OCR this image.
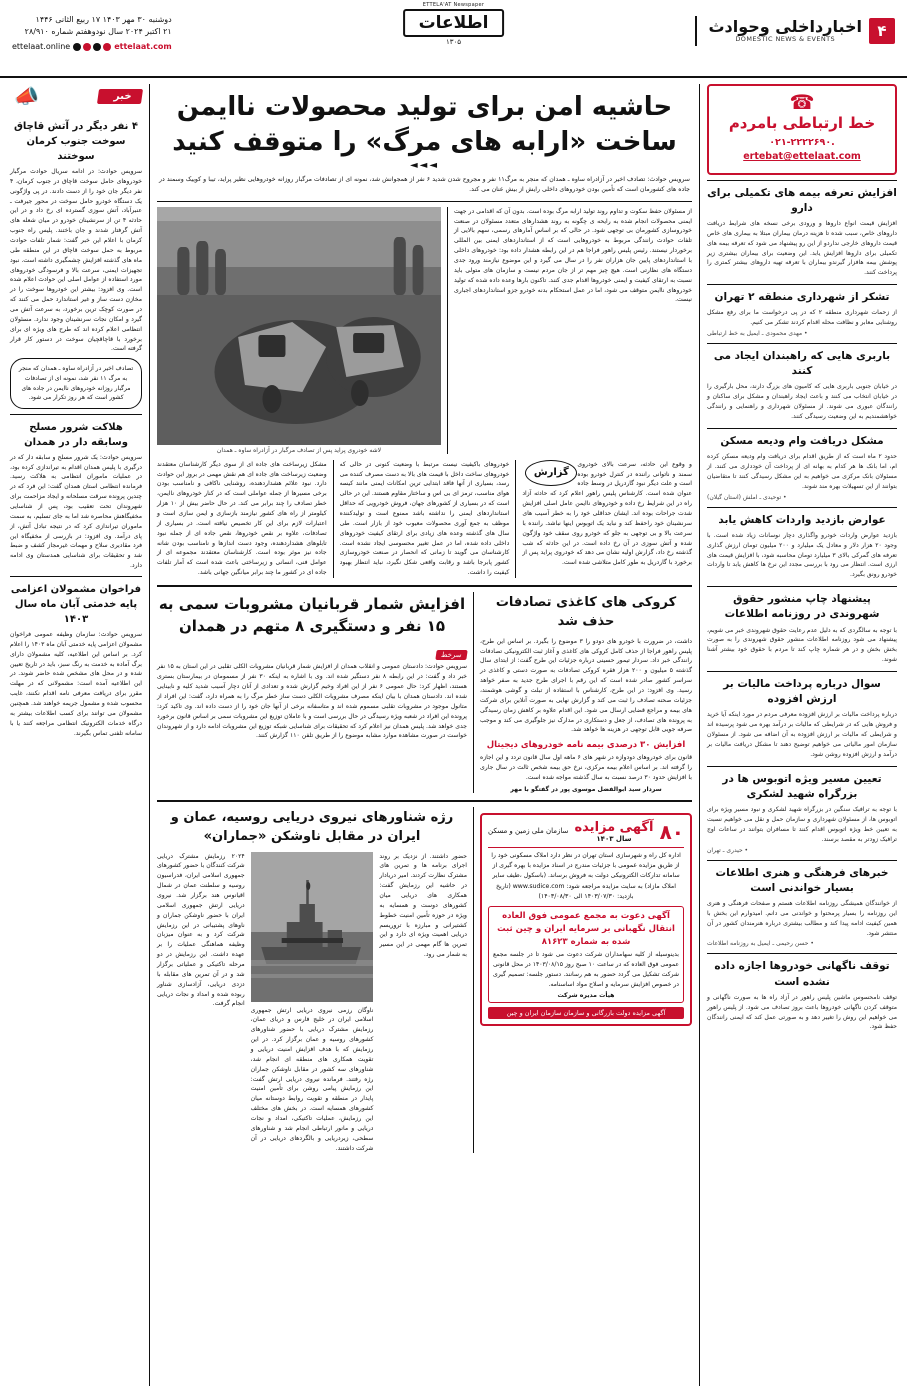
۴
اخبارداخلی وحوادث
DOMESTIC NEWS & EVENTS
ETTELA'AT Newspaper
اطلاعات
۱۳۰۵
دوشنبه ۳۰ مهر ۱۴۰۳ ۱۷ ربیع الثانی ۱۴۴۶
۲۱ اکتبر ۲۰۲۴ سال نودوهفتم شماره ۲۸/۹۱۰
ettelaat.com
ettelaat.online
☎
خط ارتباطی بامردم
۰۲۱-۲۲۲۲۶۹۰.
ertebat@ettelaat.com
افزایش تعرفه بیمه های تکمیلی برای دارو
افزایش قیمت انواع داروها و ورودی برخی نسخه های شرایط دریافت داروهای خاص، سبب شده تا هزینه درمان بیماران مبتلا به بیماری های خاص قیمت داروهای خارجی نداردو از این رو پیشنهاد می شود که تعرفه بیمه های تکمیلی برای داروها افزایش یابد. این وضعیت برای بیماران بیشتری زیر پوشش بیمه هافزار گیرندو بیماران با تعرفه تهیه داروهای بیشتر کمتری را پرداخت کنند.
تشکر از شهرداری منطقه ۲ تهران
از زحمات شهرداری منطقه ۲ که در پی درخواست ما برای رفع مشکل روشنایی معابر و نظافت محله اقدام کردند تشکر می کنیم.
• مهدی محمودی ـ ایمیل به خط ارتباطی
باربری هایی که راهبندان ایجاد می کنند
در خیابان جنوبی باربری هایی که کامیون های بزرگ دارند، محل بارگیری را در خیابان انتخاب می کنند و باعث ایجاد راهبندان و مشکل برای ساکنان و رانندگان عبوری می شوند. از مسئولان شهرداری و راهنمایی و رانندگی خواهشمندیم به این وضعیت رسیدگی کنند.
مشکل دریافت وام ودیعه مسکن
حدود ۲ ماه است که از طریق اقدام برای دریافت وام ودیعه مسکن کرده ام، اما بانک ها هر کدام به بهانه ای از پرداخت آن خودداری می کنند. از مسئولان بانک مرکزی می خواهیم به این مشکل رسیدگی کنند تا متقاضیان بتوانند از این تسهیلات بهره مند شوند.
• توحیدی ـ املش (استان گیلان)
عوارض بازدید واردات کاهش یابد
بازدید عوارض واردات خودرو واگذاری دچار نوسانات زیاد شده است. با وجود ۲۰ هزار دلار و معادل یک میلیارد و ۲۰۰ میلیون تومان ارزش گذاری تعرفه های گمرکی بالای ۳ میلیارد تومان محاسبه شود، با افزایش قیمت های ارزی است. انتظار می رود با بررسی مجدد این نرخ ها کاهش یابد تا واردات خودرو رونق بگیرد.
پیشنهاد چاپ منشور حقوق شهروندی در روزنامه اطلاعات
با توجه به سالگردی که به دلیل عدم رعایت حقوق شهروندی خبر می شویم، پیشنهاد می شود روزنامه اطلاعات منشور حقوق شهروندی را به صورت بخش بخش و در هر شماره چاپ کند تا مردم با حقوق خود بیشتر آشنا شوند.
سوال درباره پرداخت مالیات بر ارزش افزوده
درباره پرداخت مالیات بر ارزش افزوده معرفی مردم در مورد اینکه آیا خرید و فروش هایی که در شرایطی که مالیات بر درآمد بهره می شود پرسیده اند و شرایطی که مالیات بر ارزش افزوده به آن اضافه می شود. از مسئولان سازمان امور مالیاتی می خواهیم توضیح دهند تا مشکل دریافت مالیات بر درآمد و ارزش افزوده روشن شود.
تعیین مسیر ویژه اتوبوس ها در بزرگراه شهید لشکری
با توجه به ترافیک سنگین در بزرگراه شهید لشکری و نبود مسیر ویژه برای اتوبوس ها، از مسئولان شهرداری و سازمان حمل و نقل می خواهیم نسبت به تعیین خط ویژه اتوبوس اقدام کنند تا مسافران بتوانند در ساعات اوج ترافیک زودتر به مقصد برسند.
• حیدری ـ تهران
خبرهای فرهنگی و هنری اطلاعات بسیار خواندنی است
از خوانندگان همیشگی روزنامه اطلاعات هستم و صفحات فرهنگی و هنری این روزنامه را بسیار پرمحتوا و خواندنی می دانم. امیدوارم این بخش با همین کیفیت ادامه پیدا کند و مطالب بیشتری درباره هنرمندان کشور در آن منتشر شود.
• حسن رحیمی ـ ایمیل به روزنامه اطلاعات
توقف ناگهانی خودروها اجازه داده نشده است
توقف نامحسوس ماشین پلیس راهور در آزاد راه ها به صورت ناگهانی و متوقف کردن ناگهانی خودروها باعث بروز تصادف می شود. از پلیس راهور می خواهیم این روش را تغییر دهد و به صورتی عمل کند که ایمنی رانندگان حفظ شود.
حاشیه امن برای تولید محصولات ناایمن
ساخت «ارابه های مرگ» را متوقف کنید
◄◄◄
سرویس حوادث: تصادف اخیر در آزادراه ساوه ـ همدان که منجر به مرگ۱۱ نفر و مجروح شدن شدید ۶ نفر از همجوانش شد، نمونه ای از تصادفات مرگبار روزانه خودروهایی نظیر پراید، تیبا و کوییک وسمند در جاده های کشورمان است که تأمین بودن خودروهای داخلی رایش از بیش عنان می کند.
از مسئولان حفظ سکوت و تداوم روند تولید ارابه مرگ بوده است. بدون آن که اقدامی در جهت ایمنی محصولات انجام شده به رایحه ی چگونه به روند هشدارهای متعدد مسئولان در صنعت خودروسازی کشورمان بی توجهی شود. در حالی که بر اساس آمارهای رسمی، سهم بالایی از تلفات حوادث رانندگی مربوط به خودروهایی است که از استانداردهای ایمنی بین المللی برخوردار نیستند. رئیس پلیس راهور فراجا هم در این رابطه هشدار داده بود: خودروهای داخلی با استانداردهای پایین جان هزاران نفر را در سال می گیرد و این موضوع نیازمند ورود جدی دستگاه های نظارتی است. هیچ چیز مهم تر از جان مردم نیست و سازمان های متولی باید نسبت به ارتقای کیفیت و ایمنی خودروها اقدام جدی کنند. تاکنون بارها وعده داده شده که تولید خودروهای ناایمن متوقف می شود، اما در عمل استحکام بدنه خودرو جزو استانداردهای اجباری نیست.
لاشه خودروی پراید پس از تصادف مرگبار در آزادراه ساوه ـ همدان
گزارش
و وقوع این حادثه، سرعت بالای خودروی سمند و ناتوانی راننده در کنترل خودرو بوده است و علت دیگر نبود گاردریل در وسط جاده عنوان شده است. کارشناس پلیس راهور اعلام کرد که حادثه آزاد راه در این شرایط رخ داده و خودروهای ناایمن عامل اصلی افزایش شدت جراحات بوده اند. ایشان حداقلی خود را به خطر آسیب های سرنشینان خود راحفظ کند و نباید یک اتوبوس اینها نباشد. راننده با سرعت بالا و بی توجهی به جلو که خودرو روی سقف خود واژگون شده و آتش سوزی در آن رخ داده است. در این حادثه که شب گذشته رخ داد، گزارش اولیه نشان می دهد که خودروی پراید پس از برخورد با گاردریل به طور کامل متلاشی شده است.
خودروهای باکیفیت نیست مرتبط با وضعیت کنونی در حالی که خودروهای ساخت داخل با قیمت های بالا به دست مصرف کننده می رسد، بسیاری از آنها فاقد ابتدایی ترین امکانات ایمنی مانند کیسه هوای مناسب، ترمز ای بی اس و ساختار مقاوم هستند. این در حالی است که در بسیاری از کشورهای جهان، فروش خودرویی که حداقل استانداردهای ایمنی را نداشته باشد ممنوع است و تولیدکننده موظف به جمع آوری محصولات معیوب خود از بازار است. طی سال های گذشته وعده های زیادی برای ارتقای کیفیت خودروهای داخلی داده شده، اما در عمل تغییر محسوسی ایجاد نشده است. کارشناسان می گویند تا زمانی که انحصار در صنعت خودروسازی کشور پابرجا باشد و رقابت واقعی شکل نگیرد، نباید انتظار بهبود کیفیت را داشت.
مشکل زیرساخت های جاده ای از سوی دیگر کارشناسان معتقدند وضعیت زیرساخت های جاده ای هم نقش مهمی در بروز این حوادث دارد. نبود علائم هشداردهنده، روشنایی ناکافی و نامناسب بودن برخی مسیرها از جمله عواملی است که در کنار خودروهای ناایمن، خطر تصادف را چند برابر می کند. در حال حاضر بیش از ۱۰ هزار کیلومتر از راه های کشور نیازمند بازسازی و ایمن سازی است و اعتبارات لازم برای این کار تخصیص نیافته است. در بسیاری از تصادفات، علاوه بر نقص خودروها، نقص جاده ای از جمله نبود تابلوهای هشداردهنده، وجود دست اندازها و نامناسب بودن شانه جاده نیز موثر بوده است. کارشناسان معتقدند مجموعه ای از عوامل فنی، انسانی و زیرساختی باعث شده است که آمار تلفات جاده ای در کشور ما چند برابر میانگین جهانی باشد.
کروکی های کاغذی تصادفات حذف شد
داشت، در ضرورت با خودرو های دودو را ۳ موضوع را بگیرد. بر اساس این طرح، پلیس راهور فراجا از حذف کامل کروکی های کاغذی و آغاز ثبت الکترونیکی تصادفات رانندگی خبر داد. سردار تیمور حسینی درباره جزئیات این طرح گفت: از ابتدای سال گذشته ۵ میلیون و ۲۰۰ هزار فقره کروکی تصادفات به صورت دستی و کاغذی در سراسر کشور صادر شده است که این رقم با اجرای طرح جدید به صفر خواهد رسید. وی افزود: در این طرح، کارشناس با استفاده از تبلت و گوشی هوشمند، جزئیات صحنه تصادف را ثبت می کند و گزارش نهایی به صورت آنلاین برای شرکت های بیمه و مراجع قضایی ارسال می شود. این اقدام علاوه بر کاهش زمان رسیدگی به پرونده های تصادف، از جعل و دستکاری در مدارک نیز جلوگیری می کند و موجب صرفه جویی قابل توجهی در هزینه ها خواهد شد.
افزایش ۳۰ درصدی بیمه نامه خودروهای دیجیتال
قانون برای خودروهای دودوازه در شهر های ۶ ماهه اول سال قانون تردد و این اجازه را گرفته اند. بر اساس اعلام بیمه مرکزی، نرخ حق بیمه شخص ثالث در سال جاری با افزایش حدود ۳۰ درصد نسبت به سال گذشته مواجه شده است.
سردار سید ابوالفضل موسوی پور در گفتگو با مهر
افزایش شمار قربانیان مشروبات سمی به ۱۵ نفر و دستگیری ۸ متهم در همدان
سرخط
سرویس حوادث: دادستان عمومی و انقلاب همدان از افزایش شمار قربانیان مشروبات الکلی تقلبی در این استان به ۱۵ نفر خبر داد و گفت: در این رابطه ۸ نفر دستگیر شده اند. وی با اشاره به اینکه ۳۰ نفر از مسمومان در بیمارستان بستری هستند، اظهار کرد: حال عمومی ۶ نفر از این افراد وخیم گزارش شده و تعدادی از آنان دچار آسیب شدید کلیه و نابینایی شده اند. دادستان همدان با بیان اینکه مصرف مشروبات الکلی دست ساز خطر مرگ را به همراه دارد، گفت: این افراد از متانول موجود در مشروبات تقلبی مسموم شده اند و متاسفانه برخی از آنها جان خود را از دست داده اند. وی تاکید کرد: پرونده این افراد در شعبه ویژه رسیدگی در حال بررسی است و با عاملان توزیع این مشروبات سمی بر اساس قانون برخورد جدی خواهد شد. پلیس همدان نیز اعلام کرد که تحقیقات برای شناسایی شبکه توزیع این مشروبات ادامه دارد و از شهروندان خواست در صورت مشاهده موارد مشابه موضوع را از طریق تلفن ۱۱۰ گزارش کنند.
۸۰
آگهی مزایده
سال ۱۴۰۳
سازمان ملی زمین و مسکن
اداره کل راه و شهرسازی استان تهران در نظر دارد املاک مسکونی خود را از طریق مزایده عمومی با جزئیات مندرج در اسناد مزایده با بهره گیری از سامانه تدارکات الکترونیکی دولت به فروش برساند. (باسکول ،طیف سایر املاک مازاد) به سایت مزایده مراجعه شود: www.sudice.com (تاریخ بازدید: ۱۴۰۳/۰۷/۳۰ الی ۱۴۰۳/۰۸/۳۰)
آگهی دعوت به مجمع عمومی فوق العاده انتقال نگهبانی بر سرمایه ایران و چین ثبت شده به شماره ۸۱۶۲۳
بدینوسیله از کلیه سهامداران شرکت دعوت می شود تا در جلسه مجمع عمومی فوق العاده که در ساعت ۱۰ صبح روز ۱۴۰۳/۰۸/۱۵ در محل قانونی شرکت تشکیل می گردد حضور به هم رسانند. دستور جلسه: تصمیم گیری در خصوص افزایش سرمایه و اصلاح مواد اساسنامه.
هیأت مدیره شرکت
آگهی مزایده دولت بازرگانی و سازمان سازمان ایران و چین
رژه شناورهای نیروی دریایی روسیه، عمان و ایران در مقابل ناوشکن «جماران»
حضور داشتند. از نزدیک بر روند اجرای برنامه ها و تمرین های مشترک نظارت کردند. امیر دریادار در حاشیه این رزمایش گفت: همکاری های دریایی میان کشورهای دوست و همسایه به ویژه در حوزه تأمین امنیت خطوط کشتیرانی و مبارزه با تروریسم دریایی اهمیت ویژه ای دارد و این تمرین ها گام مهمی در این مسیر به شمار می رود.
ناوگان رزمی نیروی دریایی ارتش جمهوری اسلامی ایران در خلیج فارس و دریای عمان، رزمایش مشترک دریایی با حضور شناورهای کشورهای روسیه و عمان برگزار کرد. در این رزمایش که با هدف افزایش امنیت دریایی و تقویت همکاری های منطقه ای انجام شد، شناورهای سه کشور در مقابل ناوشکن جماران رژه رفتند. فرمانده نیروی دریایی ارتش گفت: این رزمایش پیامی روشن برای تأمین امنیت پایدار در منطقه و تقویت روابط دوستانه میان کشورهای همسایه است. در بخش های مختلف این رزمایش، عملیات تاکتیکی، امداد و نجات دریایی و مانور ارتباطی انجام شد و شناورهای سطحی، زیردریایی و بالگردهای دریایی در آن شرکت داشتند.
۲۰۲۴ رزمایش مشترک دریایی شرکت کنندگان با حضور کشورهای جمهوری اسلامی ایران، فدراسیون روسیه و سلطنت عمان در شمال اقیانوس هند برگزار شد. نیروی دریایی ارتش جمهوری اسلامی ایران با حضور ناوشکن جماران و ناوهای پشتیبانی در این رزمایش شرکت کرد و به عنوان میزبان وظیفه هماهنگی عملیات را بر عهده داشت. این رزمایش در دو مرحله تاکتیکی و عملیاتی برگزار شد و در آن تمرین های مقابله با دزدی دریایی، آزادسازی شناور ربوده شده و امداد و نجات دریایی انجام گرفت.
📣	خبر
۴ نفر دیگر در آتش قاچاق سوخت جنوب کرمان سوختند
سرویس حوادث: در ادامه سریال حوادث مرگبار خودروهای حامل سوخت قاچاق در جنوب کرمان، ۴ نفر دیگر جان خود را از دست دادند. در پی واژگونی یک دستگاه خودرو حامل سوخت در محور جیرفت ـ عنبرآباد، آتش سوزی گسترده ای رخ داد و در این حادثه ۴ تن از سرنشینان خودرو در میان شعله های آتش گرفتار شدند و جان باختند. پلیس راه جنوب کرمان با اعلام این خبر گفت: شمار تلفات حوادث مربوط به حمل سوخت قاچاق در این منطقه طی ماه های گذشته افزایش چشمگیری داشته است. نبود تجهیزات ایمنی، سرعت بالا و فرسودگی خودروهای مورد استفاده از عوامل اصلی این حوادث اعلام شده است. وی افزود: بیشتر این خودروها سوخت را در مخازن دست ساز و غیر استاندارد حمل می کنند که در صورت کوچک ترین برخورد، به سرعت آتش می گیرد و امکان نجات سرنشینان وجود ندارد. مسئولان انتظامی اعلام کرده اند که طرح های ویژه ای برای برخورد با قاچاقچیان سوخت در دستور کار قرار گرفته است.
تصادف اخیر در آزادراه ساوه ـ همدان که منجر به مرگ ۱۱ نفر شد، نمونه ای از تصادفات مرگبار روزانه خودروهای ناایمن در جاده های کشور است که هر روز تکرار می شود.
هلاکت شرور مسلح وسابقه دار در همدان
سرویس حوادث: یک شرور مسلح و سابقه دار که در درگیری با پلیس همدان اقدام به تیراندازی کرده بود، در عملیات ماموران انتظامی به هلاکت رسید. فرمانده انتظامی استان همدان گفت: این فرد که در چندین پرونده سرقت مسلحانه و ایجاد مزاحمت برای شهروندان تحت تعقیب بود، پس از شناسایی مخفیگاهش محاصره شد اما به جای تسلیم، به سمت ماموران تیراندازی کرد که در نتیجه تبادل آتش، از پای درآمد. وی افزود: در بازرسی از مخفیگاه این فرد مقادیری سلاح و مهمات غیرمجاز کشف و ضبط شد و تحقیقات برای شناسایی همدستان وی ادامه دارد.
فراخوان مشمولان اعزامی پایه خدمتی آبان ماه سال ۱۴۰۳
سرویس حوادث: سازمان وظیفه عمومی فراخوان مشمولان اعزامی پایه خدمتی آبان ماه ۱۴۰۳ را اعلام کرد. بر اساس این اطلاعیه، کلیه مشمولان دارای برگ آماده به خدمت به رنگ سبز، باید در تاریخ تعیین شده و در محل های مشخص شده حاضر شوند. در این اطلاعیه آمده است: مشمولانی که در مهلت مقرر برای دریافت معرفی نامه اقدام نکنند، غایب محسوب شده و مشمول جریمه خواهند شد. همچنین مشمولان می توانند برای کسب اطلاعات بیشتر به درگاه خدمات الکترونیک انتظامی مراجعه کنند یا با سامانه تلفنی تماس بگیرند.
